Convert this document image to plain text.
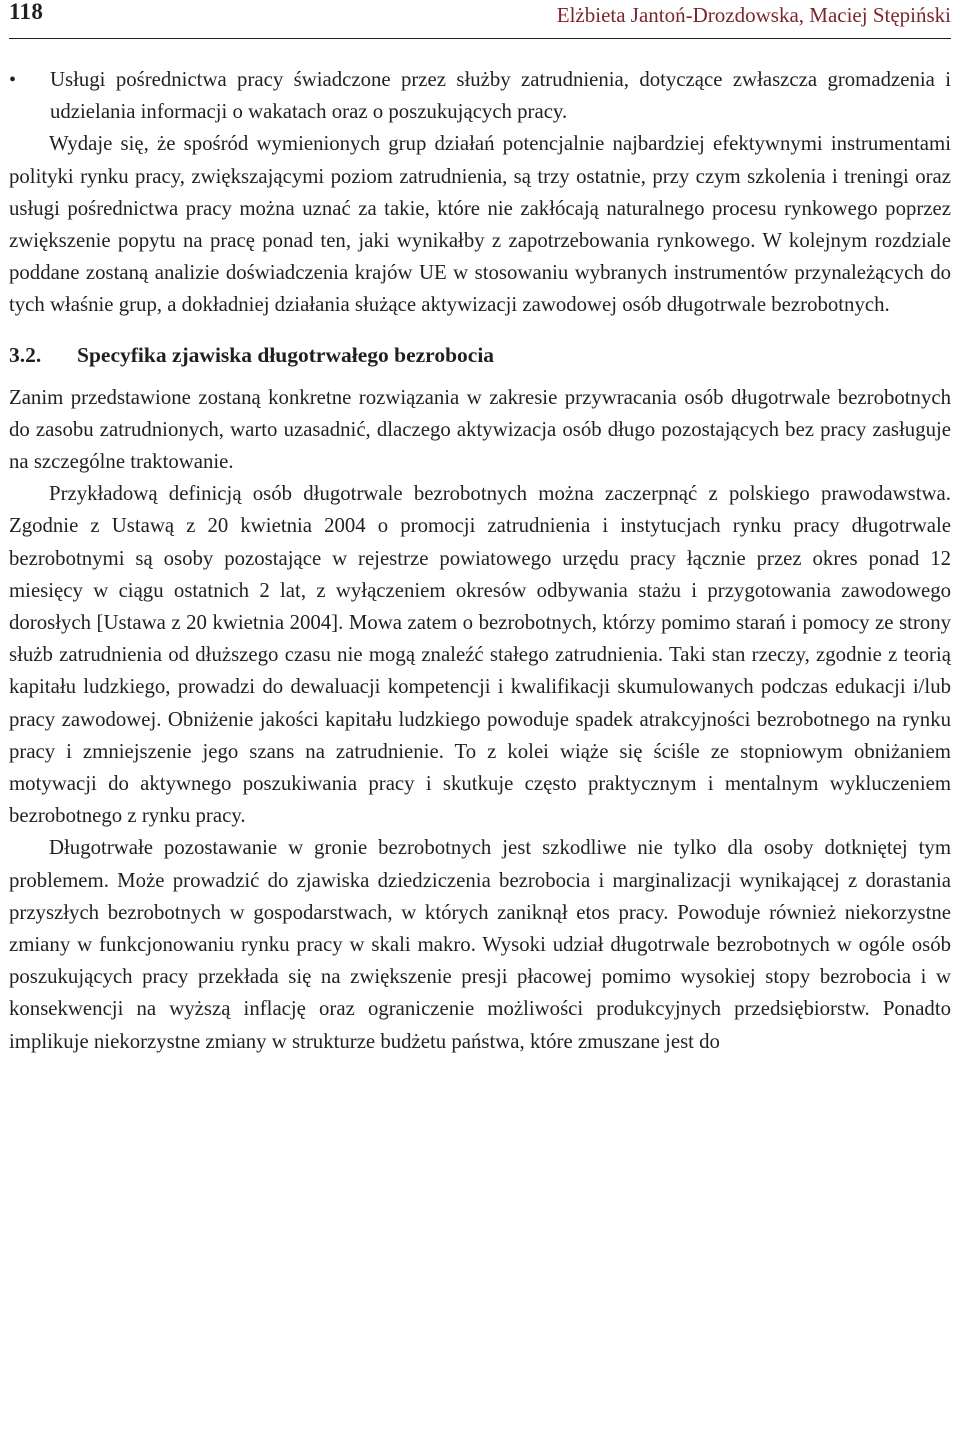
118	Elżbieta Jantoń-Drozdowska, Maciej Stępiński
• Usługi pośrednictwa pracy świadczone przez służby zatrudnienia, dotyczące zwłaszcza gromadzenia i udzielania informacji o wakatach oraz o poszukujących pracy.

Wydaje się, że spośród wymienionych grup działań potencjalnie najbardziej efektywnymi instrumentami polityki rynku pracy, zwiększającymi poziom zatrudnienia, są trzy ostatnie, przy czym szkolenia i treningi oraz usługi pośrednictwa pracy można uznać za takie, które nie zakłócają naturalnego procesu rynkowego poprzez zwiększenie popytu na pracę ponad ten, jaki wynikałby z zapotrzebowania rynkowego. W kolejnym rozdziale poddane zostaną analizie doświadczenia krajów UE w stosowaniu wybranych instrumentów przynależących do tych właśnie grup, a dokładniej działania służące aktywizacji zawodowej osób długotrwale bezrobotnych.

3.2.	Specyfika zjawiska długotrwałego bezrobocia

Zanim przedstawione zostaną konkretne rozwiązania w zakresie przywracania osób długotrwale bezrobotnych do zasobu zatrudnionych, warto uzasadnić, dlaczego aktywizacja osób długo pozostających bez pracy zasługuje na szczególne traktowanie.

Przykładową definicją osób długotrwale bezrobotnych można zaczerpnąć z polskiego prawodawstwa. Zgodnie z Ustawą z 20 kwietnia 2004 o promocji zatrudnienia i instytucjach rynku pracy długotrwale bezrobotnymi są osoby pozostające w rejestrze powiatowego urzędu pracy łącznie przez okres ponad 12 miesięcy w ciągu ostatnich 2 lat, z wyłączeniem okresów odbywania stażu i przygotowania zawodowego dorosłych [Ustawa z 20 kwietnia 2004]. Mowa zatem o bezrobotnych, którzy pomimo starań i pomocy ze strony służb zatrudnienia od dłuższego czasu nie mogą znaleźć stałego zatrudnienia. Taki stan rzeczy, zgodnie z teorią kapitału ludzkiego, prowadzi do dewaluacji kompetencji i kwalifikacji skumulowanych podczas edukacji i/lub pracy zawodowej. Obniżenie jakości kapitału ludzkiego powoduje spadek atrakcyjności bezrobotnego na rynku pracy i zmniejszenie jego szans na zatrudnienie. To z kolei wiąże się ściśle ze stopniowym obniżaniem motywacji do aktywnego poszukiwania pracy i skutkuje często praktycznym i mentalnym wykluczeniem bezrobotnego z rynku pracy.

Długotrwałe pozostawanie w gronie bezrobotnych jest szkodliwe nie tylko dla osoby dotkniętej tym problemem. Może prowadzić do zjawiska dziedziczenia bezrobocia i marginalizacji wynikającej z dorastania przyszłych bezrobotnych w gospodarstwach, w których zaniknął etos pracy. Powoduje również niekorzystne zmiany w funkcjonowaniu rynku pracy w skali makro. Wysoki udział długotrwale bezrobotnych w ogóle osób poszukujących pracy przekłada się na zwiększenie presji płacowej pomimo wysokiej stopy bezrobocia i w konsekwencji na wyższą inflację oraz ograniczenie możliwości produkcyjnych przedsiębiorstw. Ponadto implikuje niekorzystne zmiany w strukturze budżetu państwa, które zmuszane jest do
